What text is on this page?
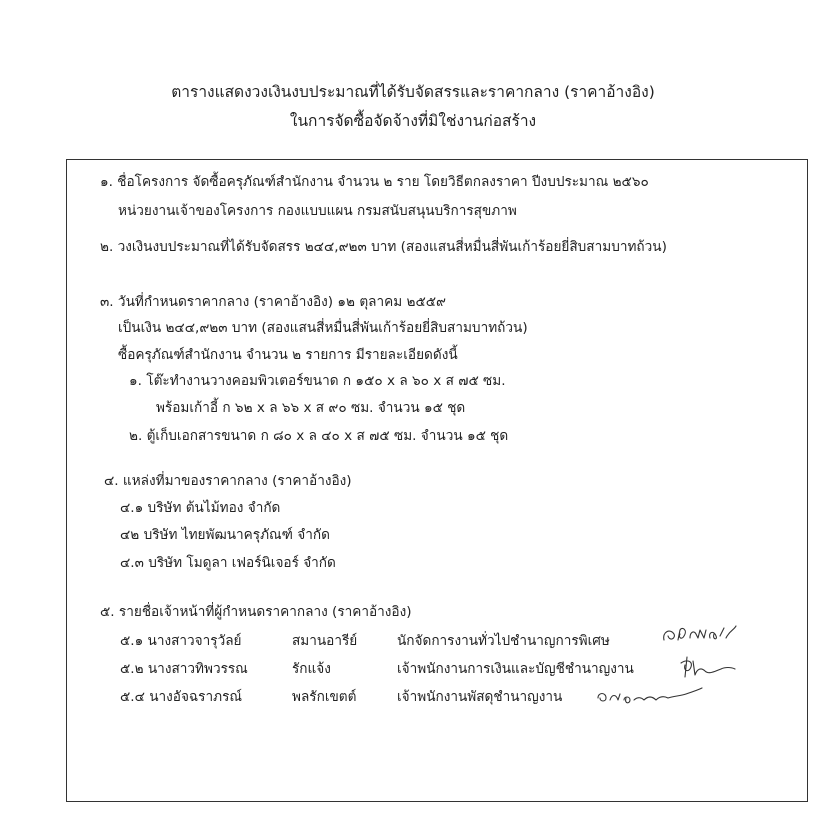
ตารางแสดงวงเงินงบประมาณที่ได้รับจัดสรรและราคากลาง (ราคาอ้างอิง)
ในการจัดซื้อจัดจ้างที่มิใช่งานก่อสร้าง
๑. ชื่อโครงการ จัดซื้อครุภัณฑ์สำนักงาน จำนวน ๒ ราย โดยวิธีตกลงราคา ปีงบประมาณ ๒๕๖๐
หน่วยงานเจ้าของโครงการ กองแบบแผน กรมสนับสนุนบริการสุขภาพ
๒. วงเงินงบประมาณที่ได้รับจัดสรร ๒๔๔,๙๒๓ บาท (สองแสนสี่หมื่นสี่พันเก้าร้อยยี่สิบสามบาทถ้วน)
๓. วันที่กำหนดราคากลาง (ราคาอ้างอิง) ๑๒ ตุลาคม ๒๕๕๙
เป็นเงิน ๒๔๔,๙๒๓ บาท (สองแสนสี่หมื่นสี่พันเก้าร้อยยี่สิบสามบาทถ้วน)
ซื้อครุภัณฑ์สำนักงาน จำนวน ๒ รายการ มีรายละเอียดดังนี้
๑. โต๊ะทำงานวางคอมพิวเตอร์ขนาด ก ๑๕๐ x ล ๖๐ x ส ๗๕ ซม.
พร้อมเก้าอี้ ก ๖๒ x ล ๖๖ x ส ๙๐ ซม. จำนวน ๑๕ ชุด
๒. ตู้เก็บเอกสารขนาด ก ๘๐ x ล ๔๐ x ส ๗๕ ซม. จำนวน ๑๕ ชุด
๔. แหล่งที่มาของราคากลาง (ราคาอ้างอิง)
๔.๑ บริษัท ต้นไม้ทอง จำกัด
๔๒ บริษัท ไทยพัฒนาครุภัณฑ์ จำกัด
๔.๓ บริษัท โมดูลา เฟอร์นิเจอร์ จำกัด
๕. รายชื่อเจ้าหน้าที่ผู้กำหนดราคากลาง (ราคาอ้างอิง)
๕.๑ นางสาวจารุวัลย์	สมานอารีย์	นักจัดการงานทั่วไปชำนาญการพิเศษ
๕.๒ นางสาวทิพวรรณ	รักแจ้ง	เจ้าพนักงานการเงินและบัญชีชำนาญงาน
๕.๔ นางอัจฉราภรณ์	พลรักเขตต์	เจ้าพนักงานพัสดุชำนาญงาน
